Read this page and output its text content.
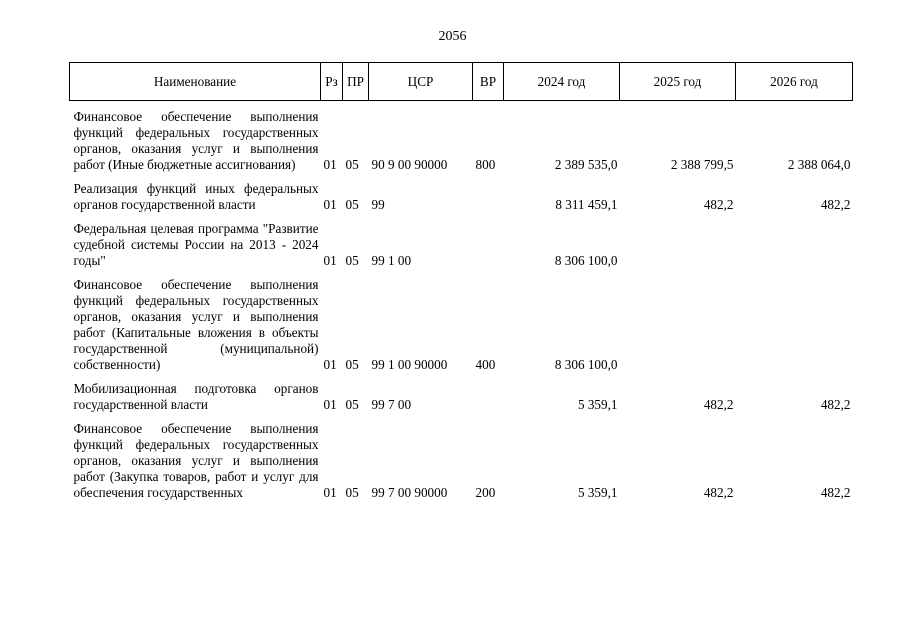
2056
Наименование	Рз	ПР	ЦСР	ВР	2024 год	2025 год	2026 год
Финансовое обеспечение выполнения функций федеральных государственных органов, оказания услуг и выполнения работ (Иные бюджетные ассигнования)	01	05	90 9 00 90000	800	2 389 535,0	2 388 799,5	2 388 064,0
Реализация функций иных федеральных органов государственной власти	01	05	99		8 311 459,1	482,2	482,2
Федеральная целевая программа "Развитие судебной системы России на 2013 - 2024 годы"	01	05	99 1 00		8 306 100,0		
Финансовое обеспечение выполнения функций федеральных государственных органов, оказания услуг и выполнения работ (Капитальные вложения в объекты государственной (муниципальной) собственности)	01	05	99 1 00 90000	400	8 306 100,0		
Мобилизационная подготовка органов государственной власти	01	05	99 7 00		5 359,1	482,2	482,2
Финансовое обеспечение выполнения функций федеральных государственных органов, оказания услуг и выполнения работ (Закупка товаров, работ и услуг для обеспечения государственных	01	05	99 7 00 90000	200	5 359,1	482,2	482,2
